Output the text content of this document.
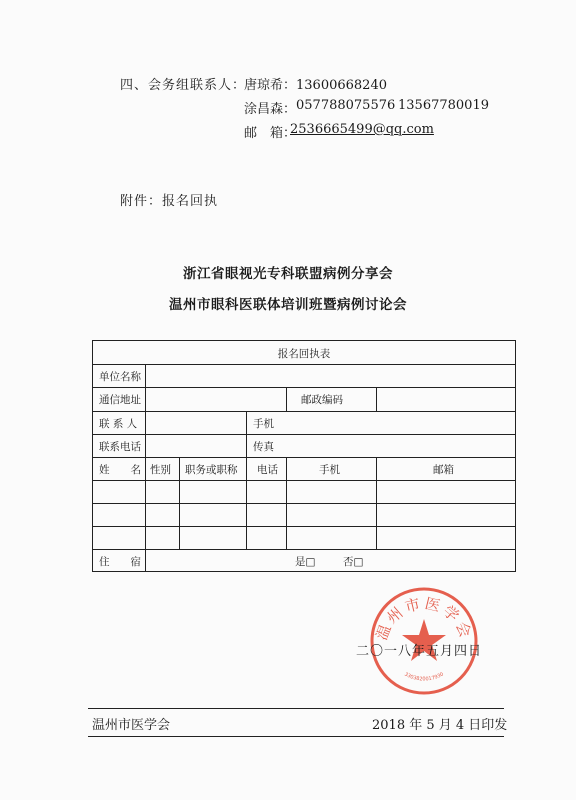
四、会务组联系人：
唐琼希：13600668240
涂昌森： 057788075576 13567780019
邮　箱：
2536665499@qq.com
附件：报名回执
浙江省眼视光专科联盟病例分享会
温州市眼科医联体培训班暨病例讨论会
报名回执表
单位名称
通信地址	邮政编码
联 系 人	手机
联系电话	传真
姓　　名 性别 职务或职称 电话	手机	邮箱
住　　宿	是□	否□
温州市医学会
3303820017930
二〇一八年五月四日
温州市医学会	2018 年 5 月 4 日印发
